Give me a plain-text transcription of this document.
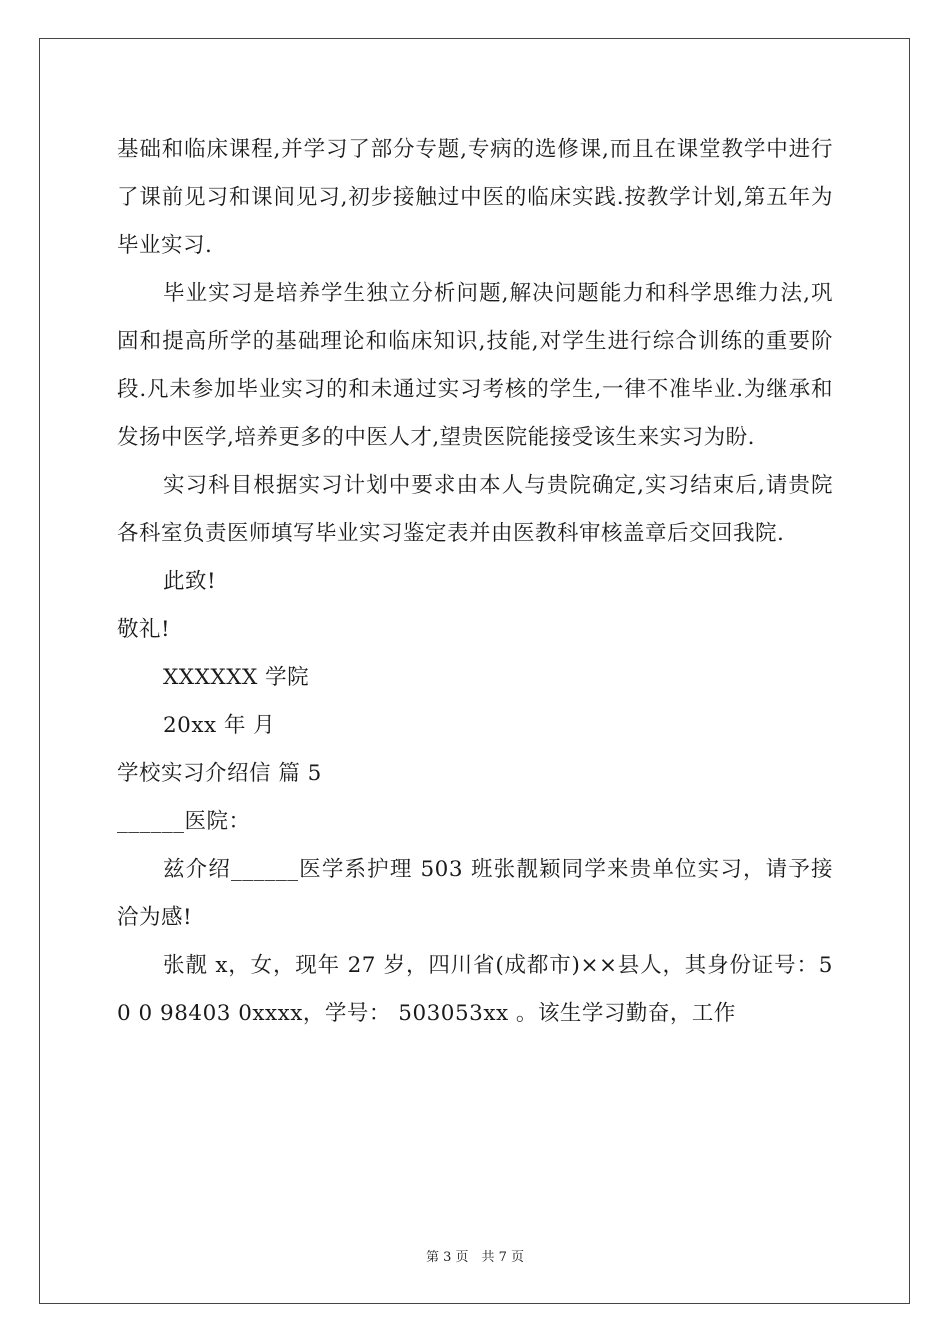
基础和临床课程,并学习了部分专题,专病的选修课,而且在课堂教学中进行了课前见习和课间见习,初步接触过中医的临床实践.按教学计划,第五年为毕业实习.

毕业实习是培养学生独立分析问题,解决问题能力和科学思维力法,巩固和提高所学的基础理论和临床知识,技能,对学生进行综合训练的重要阶段.凡未参加毕业实习的和未通过实习考核的学生,一律不准毕业.为继承和发扬中医学,培养更多的中医人才,望贵医院能接受该生来实习为盼.

实习科目根据实习计划中要求由本人与贵院确定,实习结束后,请贵院各科室负责医师填写毕业实习鉴定表并由医教科审核盖章后交回我院.

此致!

敬礼!

XXXXXX 学院

20xx 年 月

学校实习介绍信 篇 5

______医院：

兹介绍______医学系护理 503 班张靓颖同学来贵单位实习，请予接洽为感!

张靓 x，女，现年 27 岁，四川省(成都市)××县人，其身份证号：5 0 0 98403 0xxxx，学号： 503053xx 。该生学习勤奋，工作

第 3 页　共 7 页
